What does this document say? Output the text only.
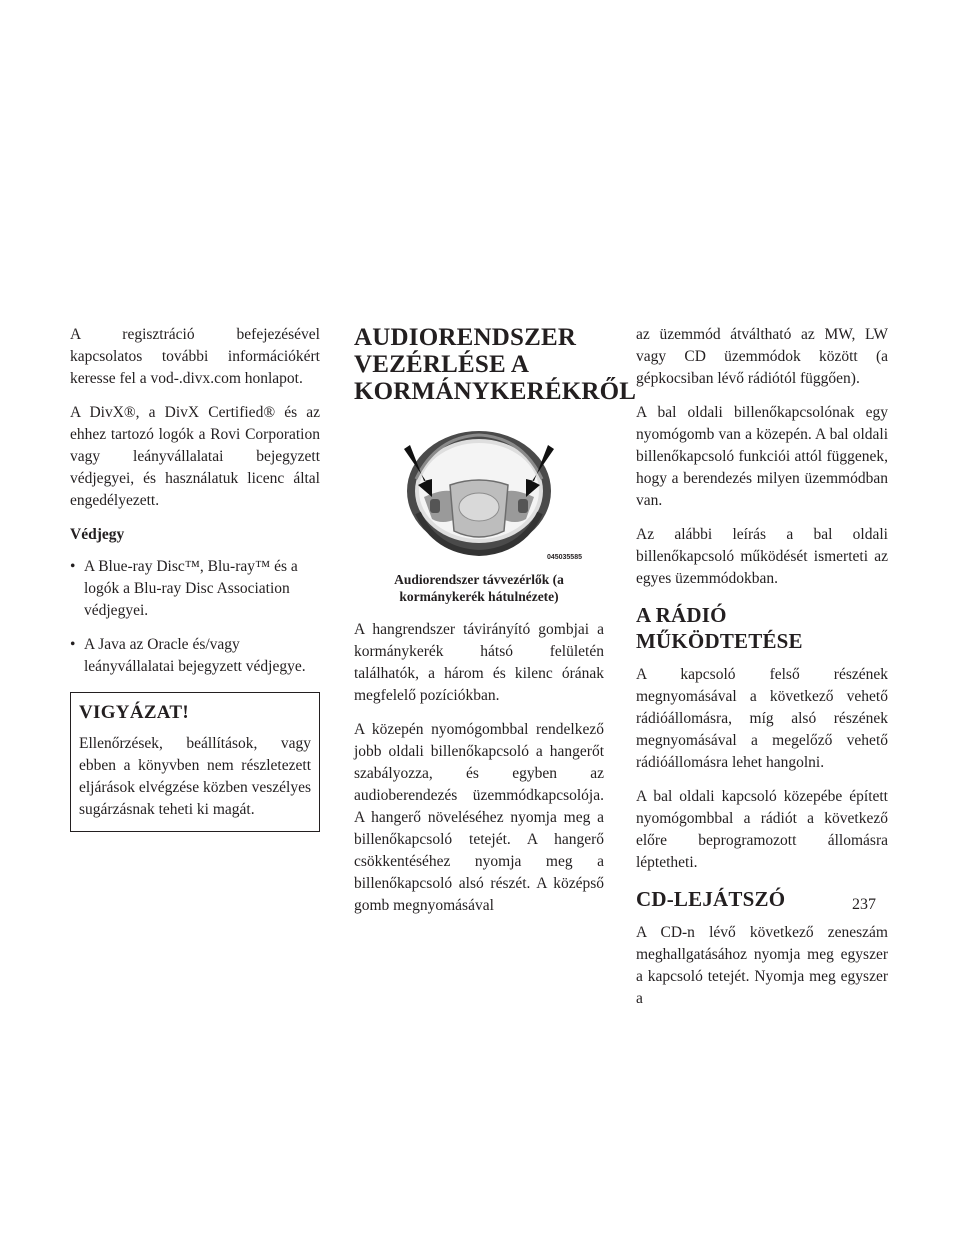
A regisztráció befejezésével kapcsolatos további információkért keresse fel a vod-.divx.com honlapot.

A DivX®, a DivX Certified® és az ehhez tartozó logók a Rovi Corporation vagy leányvállalatai bejegyzett védjegyei, és használatuk licenc által engedélyezett.

Védjegy

• A Blue-ray Disc™, Blu-ray™ és a logók a Blu-ray Disc Association védjegyei.
• A Java az Oracle és/vagy leányvállalatai bejegyzett védjegye.
VIGYÁZAT!

Ellenőrzések, beállítások, vagy ebben a könyvben nem részletezett eljárások elvégzése közben veszélyes sugárzásnak teheti ki magát.

AUDIORENDSZER VEZÉRLÉSE A KORMÁNYKERÉKRŐL
045035585
Audiorendszer távvezérlők (a kormánykerék hátulnézete)

A hangrendszer távirányító gombjai a kormánykerék hátsó felületén találhatók, a három és kilenc órának megfelelő pozíciókban.

A közepén nyomógombbal rendelkező jobb oldali billenőkapcsoló a hangerőt szabályozza, és egyben az audioberendezés üzemmódkapcsolója. A hangerő növeléséhez nyomja meg a billenőkapcsoló tetejét. A hangerő csökkentéséhez nyomja meg a billenőkapcsoló alsó részét. A középső gomb megnyomásával

az üzemmód átváltható az MW, LW vagy CD üzemmódok között (a gépkocsiban lévő rádiótól függően).

A bal oldali billenőkapcsolónak egy nyomógomb van a közepén. A bal oldali billenőkapcsoló funkciói attól függenek, hogy a berendezés milyen üzemmódban van.

Az alábbi leírás a bal oldali billenőkapcsoló működését ismerteti az egyes üzemmódokban.

A RÁDIÓ MŰKÖDTETÉSE

A kapcsoló felső részének megnyomásával a következő vehető rádióállomásra, míg alsó részének megnyomásával a megelőző vehető rádióállomásra lehet hangolni.

A bal oldali kapcsoló közepébe épített nyomógombbal a rádiót a következő előre beprogramozott állomásra léptetheti.

CD-LEJÁTSZÓ

A CD-n lévő következő zeneszám meghallgatásához nyomja meg egyszer a kapcsoló tetejét. Nyomja meg egyszer a

237
